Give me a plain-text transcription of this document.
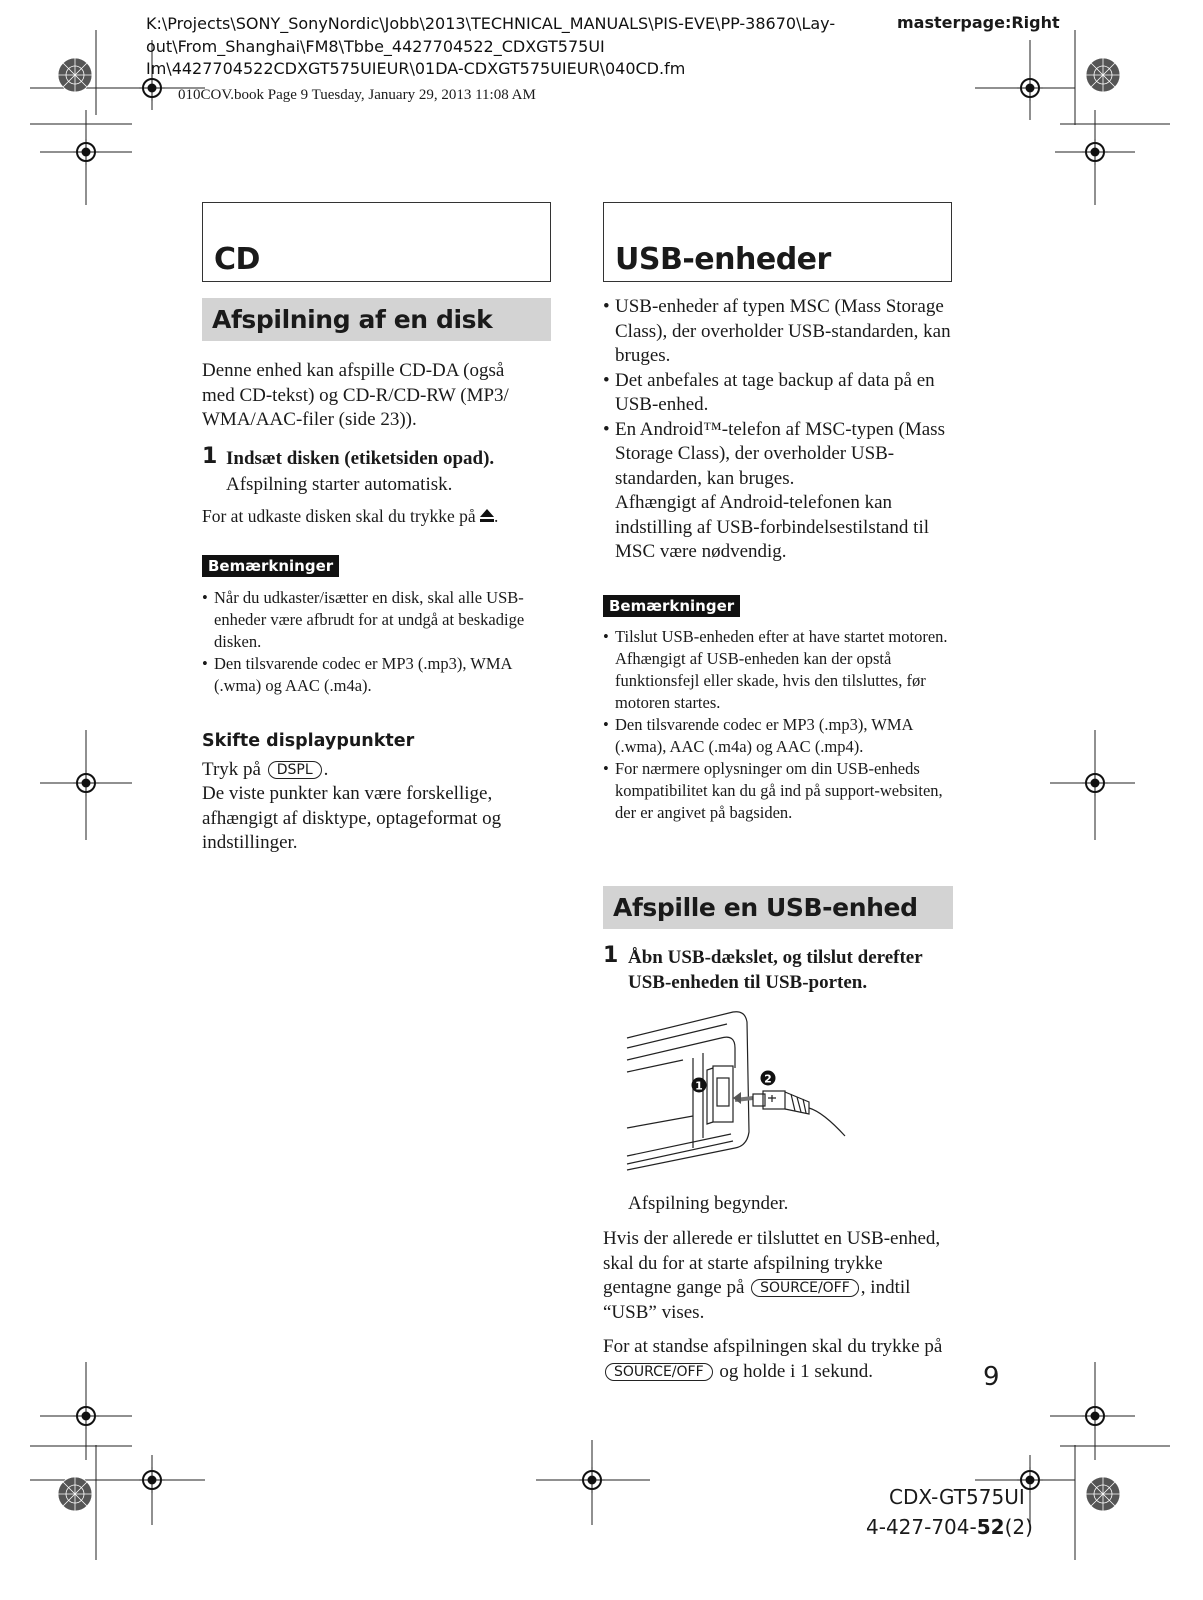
K:\Projects\SONY_SonyNordic\Jobb\2013\TECHNICAL_MANUALS\PIS-EVE\PP-38670\Lay-
out\From_Shanghai\FM8\Tbbe_4427704522_CDXGT575UI
Im\4427704522CDXGT575UIEUR\01DA-CDXGT575UIEUR\040CD.fm
masterpage:Right
010COV.book Page 9 Tuesday, January 29, 2013 11:08 AM
CD
Afspilning af en disk
Denne enhed kan afspille CD-DA (også med CD-tekst) og CD-R/CD-RW (MP3/ WMA/AAC-filer (side 23)).
1 Indsæt disken (etiketsiden opad).
Afspilning starter automatisk.
For at udkaste disken skal du trykke på .
Bemærkninger
• Når du udkaster/isætter en disk, skal alle USB-enheder være afbrudt for at undgå at beskadige disken.
• Den tilsvarende codec er MP3 (.mp3), WMA (.wma) og AAC (.m4a).
Skifte displaypunkter
Tryk på DSPL .
De viste punkter kan være forskellige, afhængigt af disktype, optageformat og indstillinger.
USB-enheder
• USB-enheder af typen MSC (Mass Storage Class), der overholder USB-standarden, kan bruges.
• Det anbefales at tage backup af data på en USB-enhed.
• En Android™-telefon af MSC-typen (Mass Storage Class), der overholder USB-standarden, kan bruges.
Afhængigt af Android-telefonen kan indstilling af USB-forbindelsestilstand til MSC være nødvendig.
Bemærkninger
• Tilslut USB-enheden efter at have startet motoren. Afhængigt af USB-enheden kan der opstå funktionsfejl eller skade, hvis den tilsluttes, før motoren startes.
• Den tilsvarende codec er MP3 (.mp3), WMA (.wma), AAC (.m4a) og AAC (.mp4).
• For nærmere oplysninger om din USB-enheds kompatibilitet kan du gå ind på support-websiten, der er angivet på bagsiden.
Afspille en USB-enhed
1 Åbn USB-dækslet, og tilslut derefter USB-enheden til USB-porten.
1
2
Afspilning begynder.
Hvis der allerede er tilsluttet en USB-enhed, skal du for at starte afspilning trykke gentagne gange på SOURCE/OFF , indtil “USB” vises.
For at standse afspilningen skal du trykke på SOURCE/OFF og holde i 1 sekund.	9
CDX-GT575UI
4-427-704-52(2)
